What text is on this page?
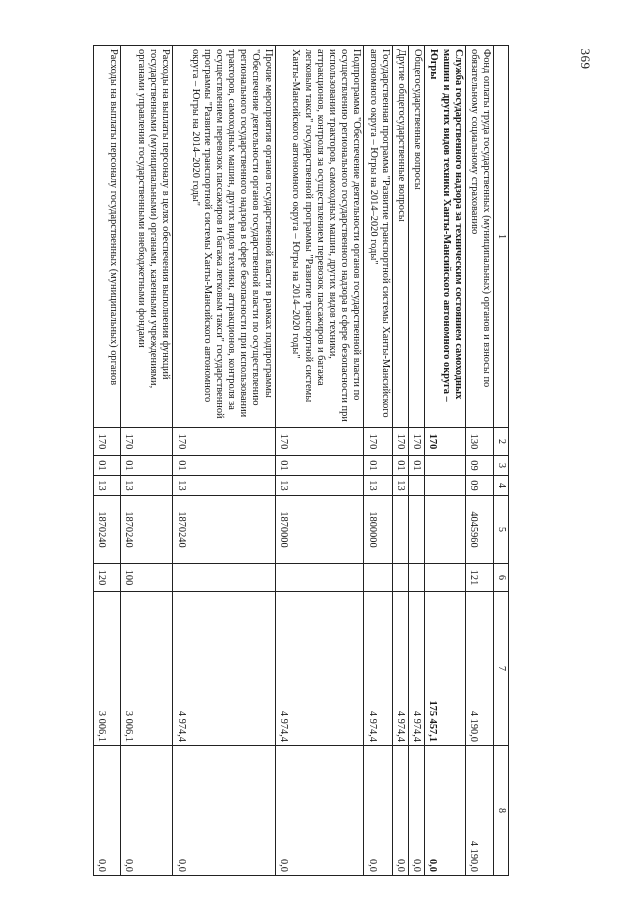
369
1	2	3	4	5	6	7	8
Фонд оплаты труда государственных (муниципальных) органов и взносы по обязательному социальному страхованию	130	09	09	4045960	121	4 190,0	4 190,0
Служба государственного надзора за техническим состоянием самоходных машин и других видов техники Ханты-Мансийского автономного округа – Югры	170					175 457,1	0,0
Общегосударственные вопросы	170	01				4 974,4	0,0
Другие общегосударственные вопросы	170	01	13			4 974,4	0,0
Государственная программа "Развитие транспортной системы Ханты-Мансийского автономного округа – Югры на 2014–2020 годы"	170	01	13	1800000		4 974,4	0,0
Подпрограмма "Обеспечение деятельности органов государственной власти по осуществлению регионального государственного надзора в сфере безопасности при использовании тракторов, самоходных машин, других видов техники, аттракционов, контроля за осуществлением перевозок пассажиров и багажа легковым такси" государственной программы "Развитие транспортной системы Ханты-Мансийского автономного округа – Югры на 2014–2020 годы"	170	01	13	1870000		4 974,4	0,0
Прочие мероприятия органов государственной власти в рамках подпрограммы "Обеспечение деятельности органов государственной власти по осуществлению регионального государственного надзора в сфере безопасности при использовании тракторов, самоходных машин, других видов техники, аттракционов, контроля за осуществлением перевозок пассажиров и багажа легковым такси" государственной программы "Развитие транспортной системы Ханты-Мансийского автономного округа – Югры на 2014–2020 годы"	170	01	13	1870240		4 974,4	0,0
Расходы на выплаты персоналу в целях обеспечения выполнения функций государственными (муниципальными) органами, казенными учреждениями, органами управления государственными внебюджетными фондами	170	01	13	1870240	100	3 006,1	0,0
Расходы на выплаты персоналу государственных (муниципальных) органов	170	01	13	1870240	120	3 006,1	0,0
